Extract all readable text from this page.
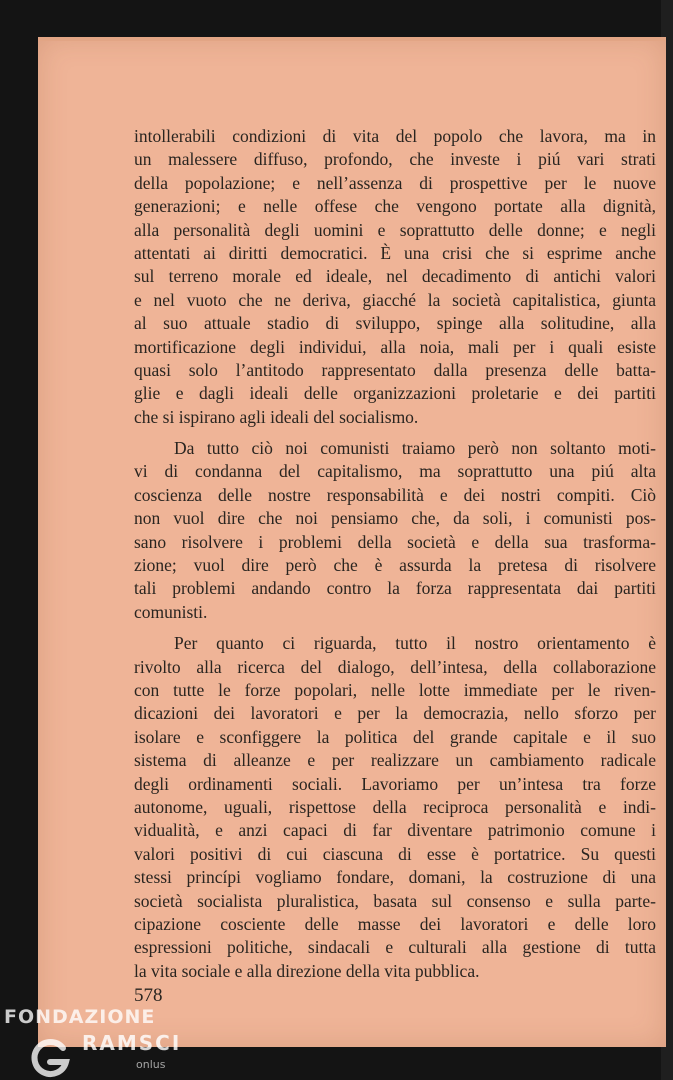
intollerabili condizioni di vita del popolo che lavora, ma in
un malessere diffuso, profondo, che investe i piú vari strati
della popolazione; e nell’assenza di prospettive per le nuove
generazioni; e nelle offese che vengono portate alla dignità,
alla personalità degli uomini e soprattutto delle donne; e negli
attentati ai diritti democratici. È una crisi che si esprime anche
sul terreno morale ed ideale, nel decadimento di antichi valori
e nel vuoto che ne deriva, giacché la società capitalistica, giunta
al suo attuale stadio di sviluppo, spinge alla solitudine, alla
mortificazione degli individui, alla noia, mali per i quali esiste
quasi solo l’antitodo rappresentato dalla presenza delle batta-
glie e dagli ideali delle organizzazioni proletarie e dei partiti
che si ispirano agli ideali del socialismo.
Da tutto ciò noi comunisti traiamo però non soltanto moti-
vi di condanna del capitalismo, ma soprattutto una piú alta
coscienza delle nostre responsabilità e dei nostri compiti. Ciò
non vuol dire che noi pensiamo che, da soli, i comunisti pos-
sano risolvere i problemi della società e della sua trasforma-
zione; vuol dire però che è assurda la pretesa di risolvere
tali problemi andando contro la forza rappresentata dai partiti
comunisti.
Per quanto ci riguarda, tutto il nostro orientamento è
rivolto alla ricerca del dialogo, dell’intesa, della collaborazione
con tutte le forze popolari, nelle lotte immediate per le riven-
dicazioni dei lavoratori e per la democrazia, nello sforzo per
isolare e sconfiggere la politica del grande capitale e il suo
sistema di alleanze e per realizzare un cambiamento radicale
degli ordinamenti sociali. Lavoriamo per un’intesa tra forze
autonome, uguali, rispettose della reciproca personalità e indi-
vidualità, e anzi capaci di far diventare patrimonio comune i
valori positivi di cui ciascuna di esse è portatrice. Su questi
stessi princípi vogliamo fondare, domani, la costruzione di una
società socialista pluralistica, basata sul consenso e sulla parte-
cipazione cosciente delle masse dei lavoratori e delle loro
espressioni politiche, sindacali e culturali alla gestione di tutta
la vita sociale e alla direzione della vita pubblica.
578
FONDAZIONE
RAMSCI
onlus
